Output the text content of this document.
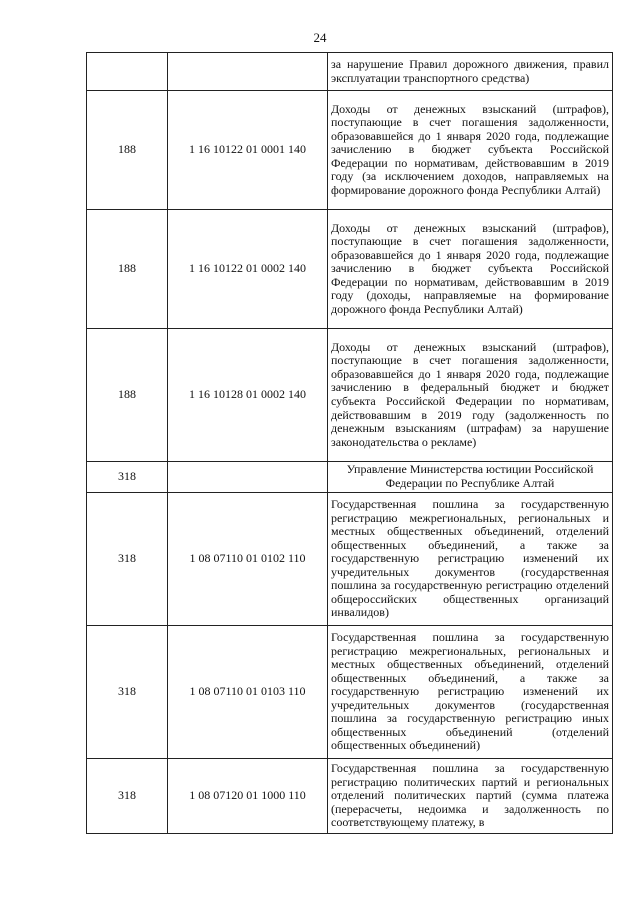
24
		за нарушение Правил дорожного движения, правил эксплуатации транспортного средства)
188	1 16 10122 01 0001 140	Доходы от денежных взысканий (штрафов), поступающие в счет погашения задолженности, образовавшейся до 1 января 2020 года, подлежащие зачислению в бюджет субъекта Российской Федерации по нормативам, действовавшим в 2019 году (за исключением доходов, направляемых на формирование дорожного фонда Республики Алтай)
188	1 16 10122 01 0002 140	Доходы от денежных взысканий (штрафов), поступающие в счет погашения задолженности, образовавшейся до 1 января 2020 года, подлежащие зачислению в бюджет субъекта Российской Федерации по нормативам, действовавшим в 2019 году (доходы, направляемые на формирование дорожного фонда Республики Алтай)
188	1 16 10128 01 0002 140	Доходы от денежных взысканий (штрафов), поступающие в счет погашения задолженности, образовавшейся до 1 января 2020 года, подлежащие зачислению в федеральный бюджет и бюджет субъекта Российской Федерации по нормативам, действовавшим в 2019 году (задолженность по денежным взысканиям (штрафам) за нарушение законодательства о рекламе)
318		Управление Министерства юстиции Российской Федерации по Республике Алтай
318	1 08 07110 01 0102 110	Государственная пошлина за государственную регистрацию межрегиональных, региональных и местных общественных объединений, отделений общественных объединений, а также за государственную регистрацию изменений их учредительных документов (государственная пошлина за государственную регистрацию отделений общероссийских общественных организаций инвалидов)
318	1 08 07110 01 0103 110	Государственная пошлина за государственную регистрацию межрегиональных, региональных и местных общественных объединений, отделений общественных объединений, а также за государственную регистрацию изменений их учредительных документов (государственная пошлина за государственную регистрацию иных общественных объединений (отделений общественных объединений)
318	1 08 07120 01 1000 110	Государственная пошлина за государственную регистрацию политических партий и региональных отделений политических партий (сумма платежа (перерасчеты, недоимка и задолженность по соответствующему платежу, в
